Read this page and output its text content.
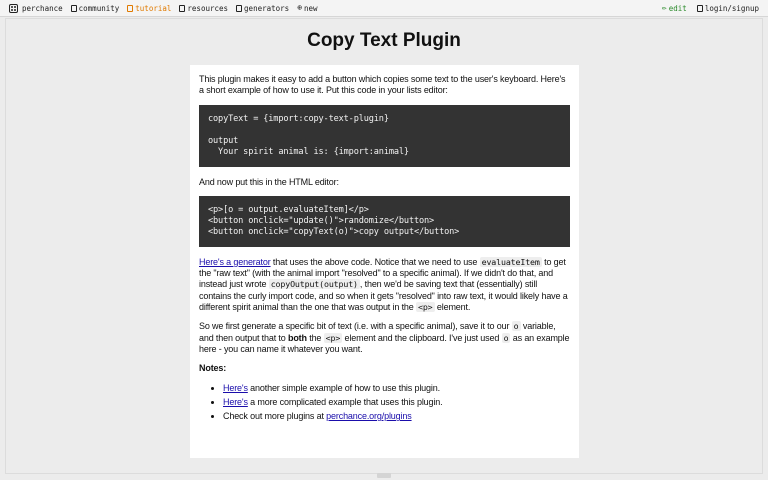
perchance community tutorial resources generators ⊕ new	✏ edit login/signup
Copy Text Plugin

This plugin makes it easy to add a button which copies some text to the user's keyboard. Here's a short example of how to use it. Put this code in your lists editor:

copyText = {import:copy-text-plugin}

output
Your spirit animal is: {import:animal}

And now put this in the HTML editor:

<p>[o = output.evaluateItem]</p>
<button onclick="update()">randomize</button>
<button onclick="copyText(o)">copy output</button>

Here's a generator that uses the above code. Notice that we need to use evaluateItem to get the "raw text" (with the animal import "resolved" to a specific animal). If we didn't do that, and instead just wrote copyOutput(output) , then we'd be saving text that (essentially) still contains the curly import code, and so when it gets "resolved" into raw text, it would likely have a different spirit animal than the one that was output in the <p> element.

So we first generate a specific bit of text (i.e. with a specific animal), save it to our o variable, and then output that to both the <p> element and the clipboard. I've just used o as an example here - you can name it whatever you want.

Notes:
• Here's another simple example of how to use this plugin.
• Here's a more complicated example that uses this plugin.
• Check out more plugins at perchance.org/plugins
